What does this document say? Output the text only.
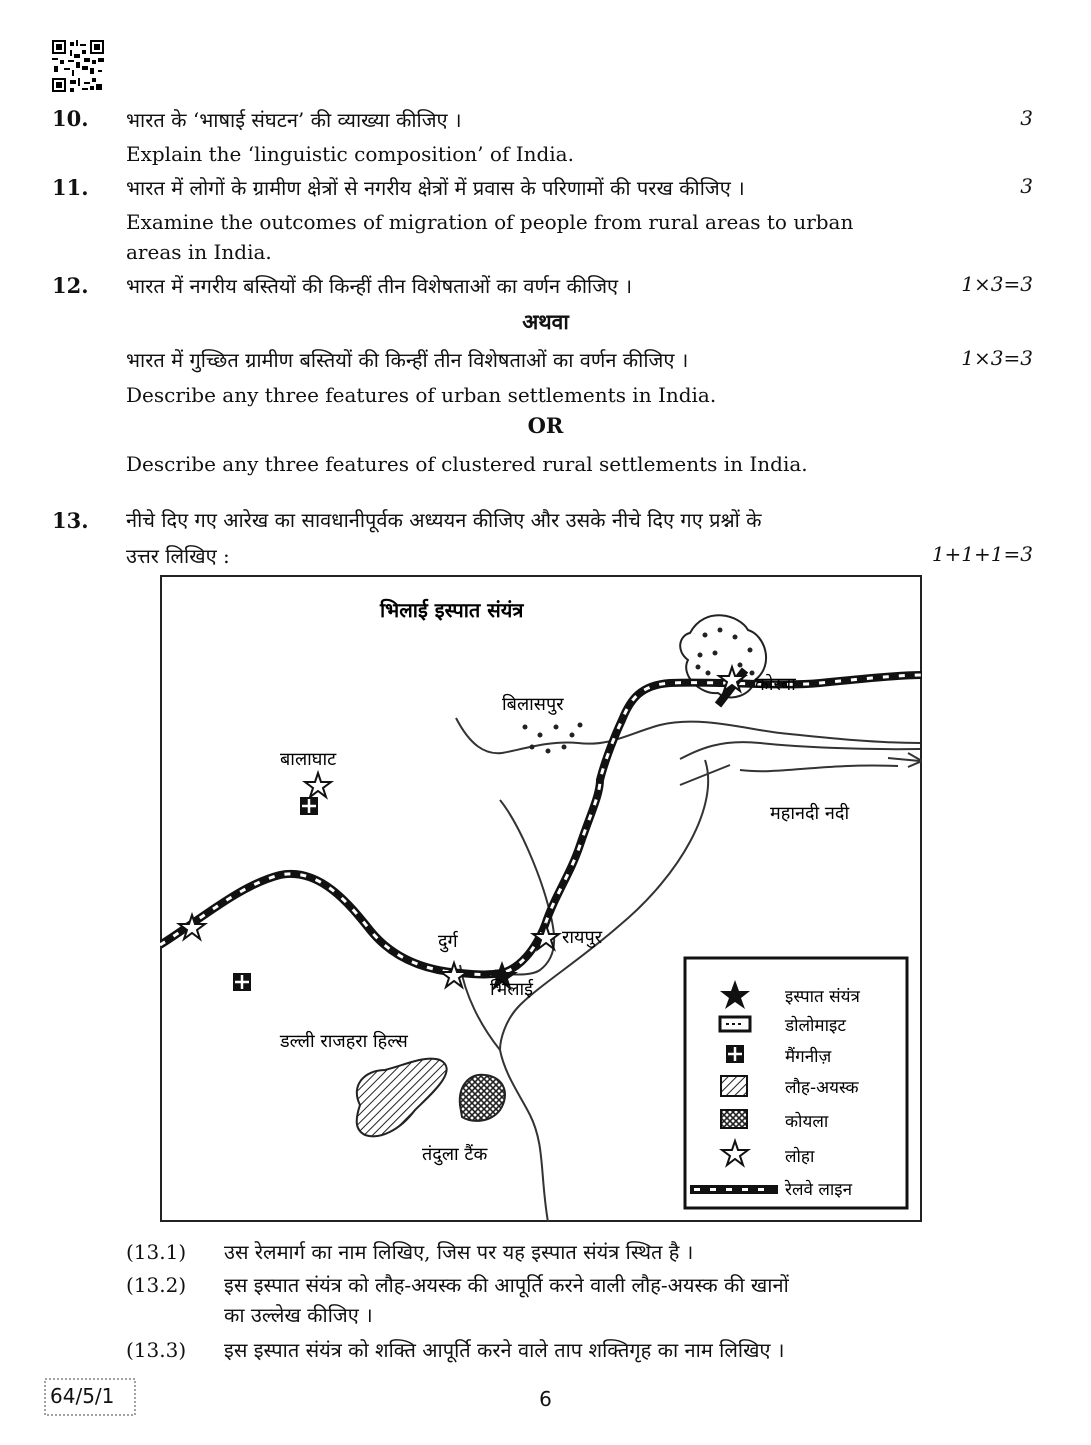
10. भारत के ‘भाषाई संघटन’ की व्याख्या कीजिए ।	3
Explain the ‘linguistic composition’ of India.
11. भारत में लोगों के ग्रामीण क्षेत्रों से नगरीय क्षेत्रों में प्रवास के परिणामों की परख कीजिए ।	3
Examine the outcomes of migration of people from rural areas to urban
areas in India.
12. भारत में नगरीय बस्तियों की किन्हीं तीन विशेषताओं का वर्णन कीजिए ।	1×3=3
अथवा
भारत में गुच्छित ग्रामीण बस्तियों की किन्हीं तीन विशेषताओं का वर्णन कीजिए ।	1×3=3
Describe any three features of urban settlements in India.
OR
Describe any three features of clustered rural settlements in India.
13. नीचे दिए गए आरेख का सावधानीपूर्वक अध्ययन कीजिए और उसके नीचे दिए गए प्रश्नों के
उत्तर लिखिए :	1+1+1=3
भिलाई इस्पात संयंत्र
कोरबा
बिलासपुर
बालाघाट
महानदी नदी
दुर्ग	रायपुर
भिलाई
डल्ली राजहरा हिल्स
तंदुला टैंक
इस्पात संयंत्र
डोलोमाइट
मैंगनीज़
लौह-अयस्क
कोयला
लोहा
रेलवे लाइन
(13.1) उस रेलमार्ग का नाम लिखिए, जिस पर यह इस्पात संयंत्र स्थित है ।
(13.2) इस इस्पात संयंत्र को लौह-अयस्क की आपूर्ति करने वाली लौह-अयस्क की खानों
का उल्लेख कीजिए ।
(13.3) इस इस्पात संयंत्र को शक्ति आपूर्ति करने वाले ताप शक्तिगृह का नाम लिखिए ।
64/5/1	6
